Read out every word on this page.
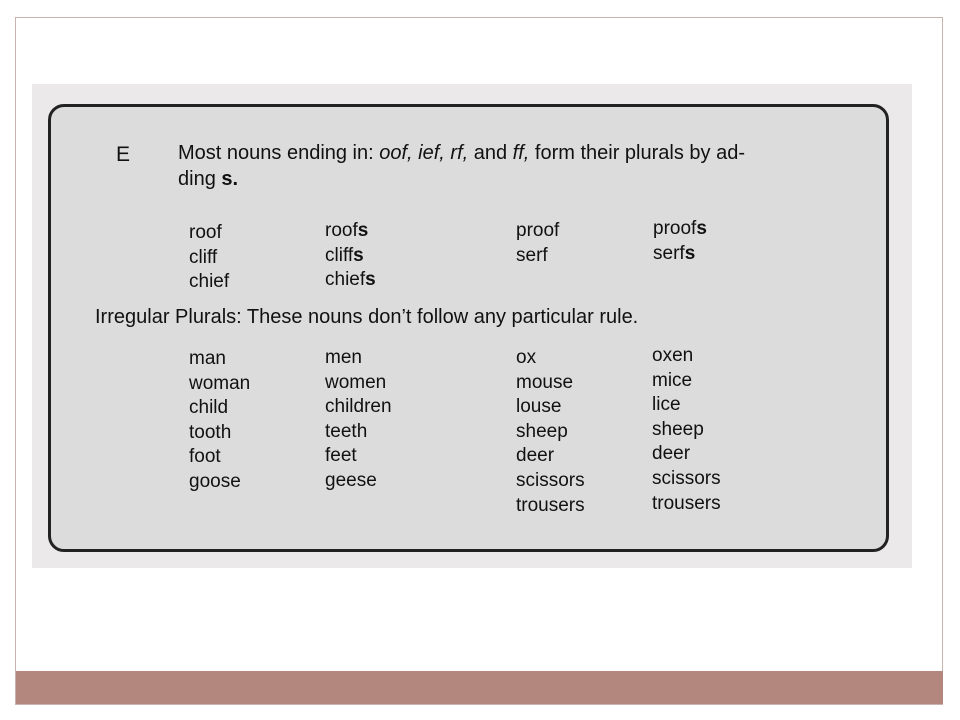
E Most nouns ending in: oof, ief, rf, and ff, form their plurals by ad-
ding s.
roof
cliff
chief
roofs
cliffs
chiefs
proof
serf
proofs
serfs
Irregular Plurals: These nouns don’t follow any particular rule.
man
woman
child
tooth
foot
goose
men
women
children
teeth
feet
geese
ox
mouse
louse
sheep
deer
scissors
trousers
oxen
mice
lice
sheep
deer
scissors
trousers
